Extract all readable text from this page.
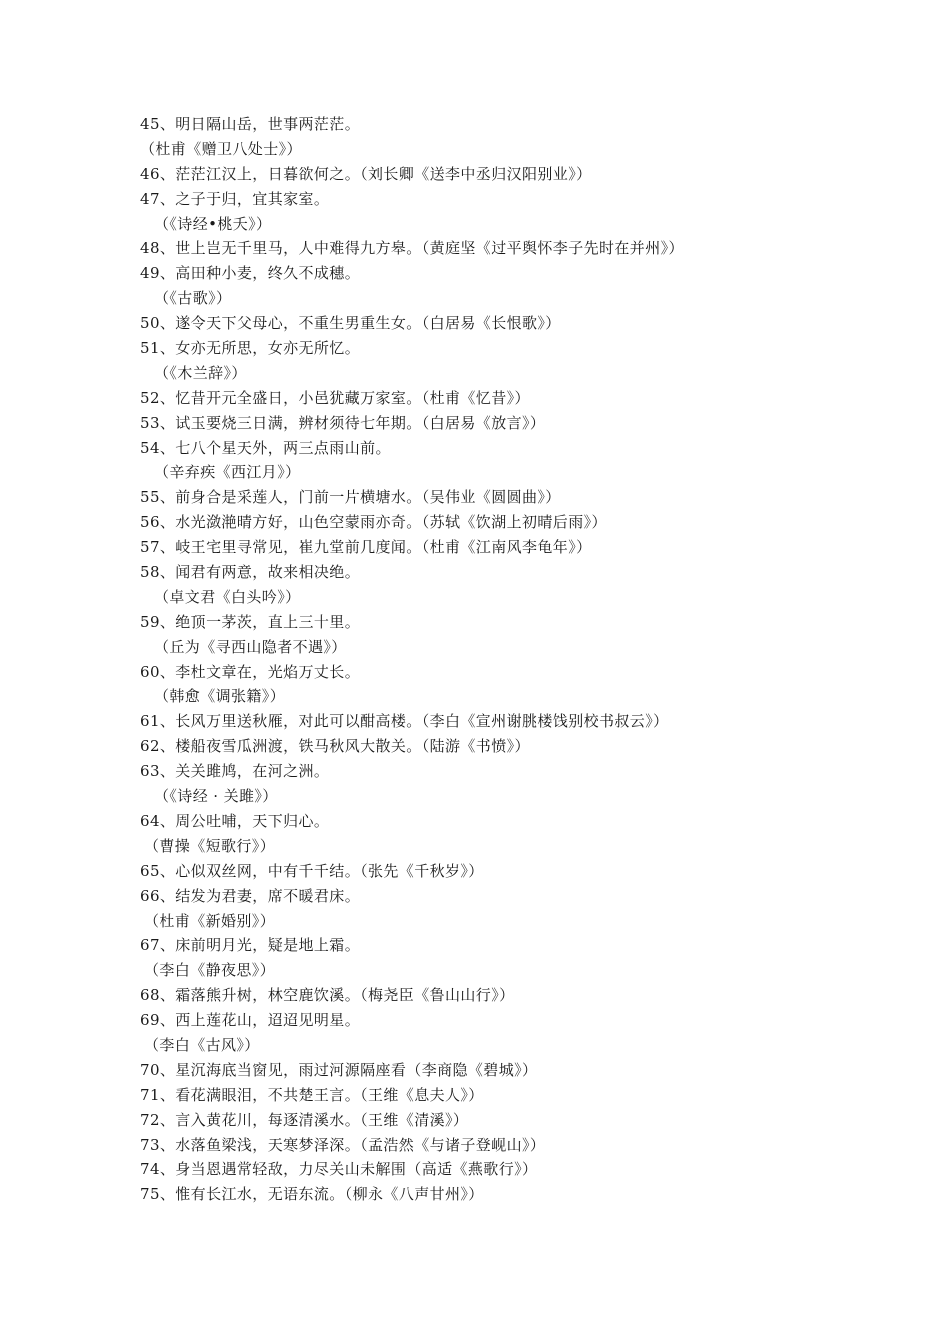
45、明日隔山岳，世事两茫茫。
（杜甫《赠卫八处士》）
46、茫茫江汉上，日暮欲何之。（刘长卿《送李中丞归汉阳别业》）
47、之子于归，宜其家室。
（《诗经•桃夭》）
48、世上岂无千里马，人中难得九方皋。（黄庭坚《过平舆怀李子先时在并州》）
49、高田种小麦，终久不成穗。
（《古歌》）
50、遂令天下父母心，不重生男重生女。（白居易《长恨歌》）
51、女亦无所思，女亦无所忆。
（《木兰辞》）
52、忆昔开元全盛日，小邑犹藏万家室。（杜甫《忆昔》）
53、试玉要烧三日满，辨材须待七年期。（白居易《放言》）
54、七八个星天外，两三点雨山前。
（辛弃疾《西江月》）
55、前身合是采莲人，门前一片横塘水。（吴伟业《圆圆曲》）
56、水光潋滟晴方好，山色空蒙雨亦奇。（苏轼《饮湖上初晴后雨》）
57、岐王宅里寻常见，崔九堂前几度闻。（杜甫《江南风李龟年》）
58、闻君有两意，故来相决绝。
（卓文君《白头吟》）
59、绝顶一茅茨，直上三十里。
（丘为《寻西山隐者不遇》）
60、李杜文章在，光焰万丈长。
（韩愈《调张籍》）
61、长风万里送秋雁，对此可以酣高楼。（李白《宣州谢朓楼饯别校书叔云》）
62、楼船夜雪瓜洲渡，铁马秋风大散关。（陆游《书愤》）
63、关关雎鸠，在河之洲。
（《诗经 · 关雎》）
64、周公吐哺，天下归心。
（曹操《短歌行》）
65、心似双丝网，中有千千结。（张先《千秋岁》）
66、结发为君妻，席不暖君床。
（杜甫《新婚别》）
67、床前明月光，疑是地上霜。
（李白《静夜思》）
68、霜落熊升树，林空鹿饮溪。（梅尧臣《鲁山山行》）
69、西上莲花山，迢迢见明星。
（李白《古风》）
70、星沉海底当窗见，雨过河源隔座看（李商隐《碧城》）
71、看花满眼泪，不共楚王言。（王维《息夫人》）
72、言入黄花川，每逐清溪水。（王维《清溪》）
73、水落鱼梁浅，天寒梦泽深。（孟浩然《与诸子登岘山》）
74、身当恩遇常轻敌，力尽关山未解围（高适《燕歌行》）
75、惟有长江水，无语东流。（柳永《八声甘州》）
